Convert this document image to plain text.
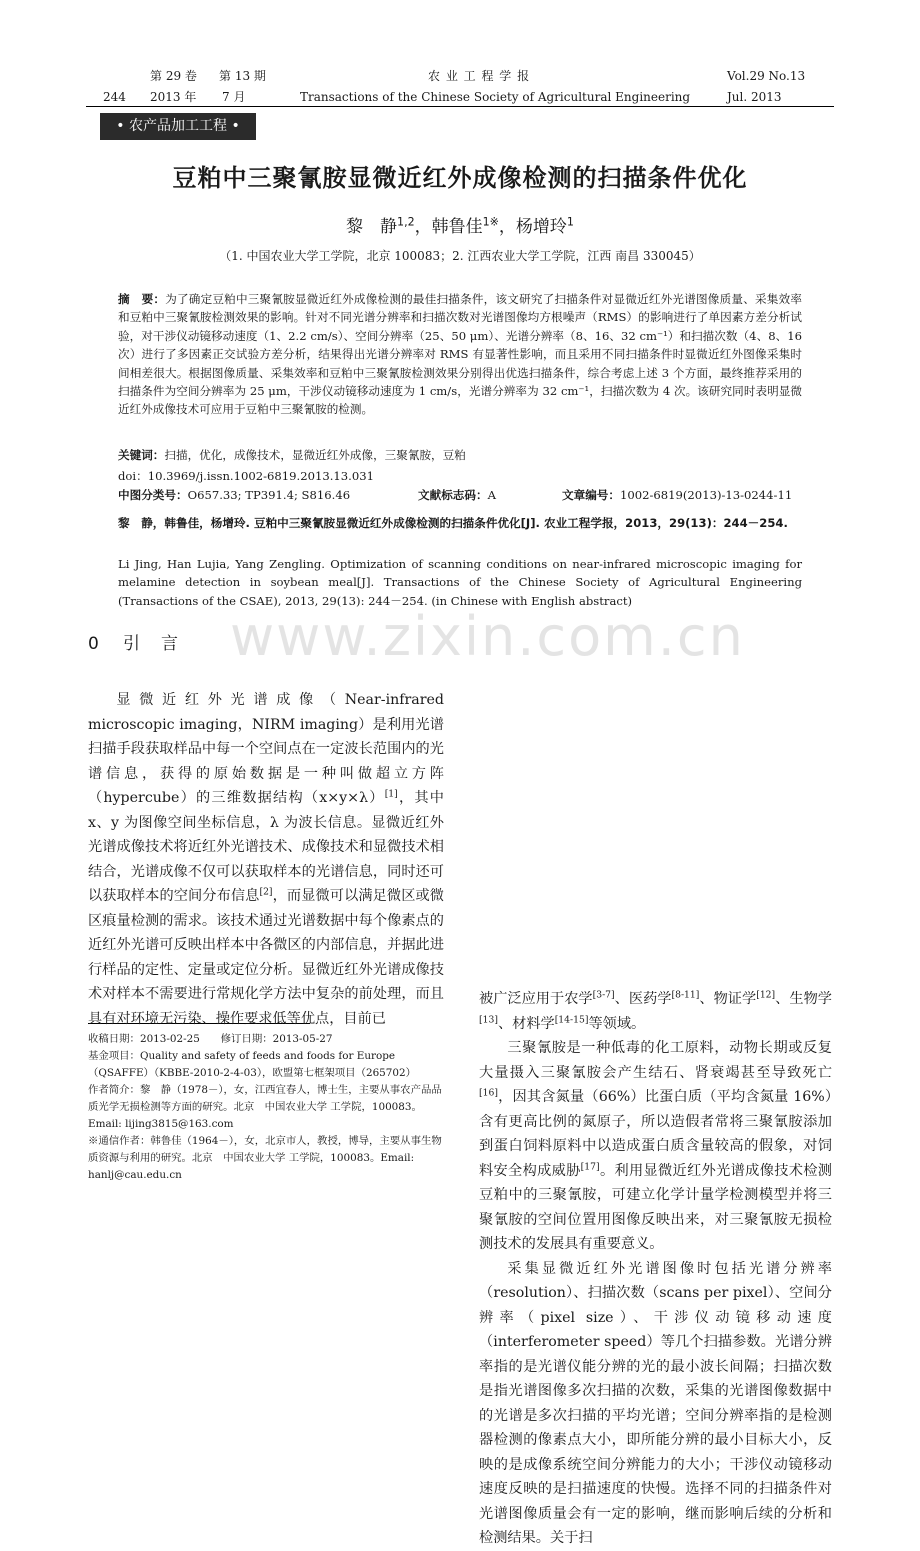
第 29 卷 第 13 期	农 业 工 程 学 报	Vol.29 No.13
244 2013 年 7 月	Transactions of the Chinese Society of Agricultural Engineering	Jul. 2013
• 农产品加工工程 •
豆粕中三聚氰胺显微近红外成像检测的扫描条件优化
黎　静$^{1,2}$，韩鲁佳$^{1※}$，杨增玲$^1$
（1. 中国农业大学工学院，北京 100083；2. 江西农业大学工学院，江西 南昌 330045）
摘　要：为了确定豆粕中三聚氰胺显微近红外成像检测的最佳扫描条件，该文研究了扫描条件对显微近红外光谱图像质量、采集效率和豆粕中三聚氰胺检测效果的影响。针对不同光谱分辨率和扫描次数对光谱图像均方根噪声（RMS）的影响进行了单因素方差分析试验，对干涉仪动镜移动速度（1、2.2 cm/s）、空间分辨率（25、50 μm）、光谱分辨率（8、16、32 cm⁻¹）和扫描次数（4、8、16 次）进行了多因素正交试验方差分析，结果得出光谱分辨率对 RMS 有显著性影响，而且采用不同扫描条件时显微近红外图像采集时间相差很大。根据图像质量、采集效率和豆粕中三聚氰胺检测效果分别得出优选扫描条件，综合考虑上述 3 个方面，最终推荐采用的扫描条件为空间分辨率为 25 μm，干涉仪动镜移动速度为 1 cm/s，光谱分辨率为 32 cm⁻¹，扫描次数为 4 次。该研究同时表明显微近红外成像技术可应用于豆粕中三聚氰胺的检测。
关键词：扫描，优化，成像技术，显微近红外成像，三聚氰胺，豆粕
doi：10.3969/j.issn.1002-6819.2013.13.031
中图分类号：O657.33; TP391.4; S816.46	文献标志码：A	文章编号：1002-6819(2013)-13-0244-11
黎　静，韩鲁佳，杨增玲. 豆粕中三聚氰胺显微近红外成像检测的扫描条件优化[J]. 农业工程学报，2013，29(13)：244－254.
Li Jing, Han Lujia, Yang Zengling. Optimization of scanning conditions on near-infrared microscopic imaging for melamine detection in soybean meal[J]. Transactions of the Chinese Society of Agricultural Engineering (Transactions of the CSAE), 2013, 29(13): 244－254. (in Chinese with English abstract)
www.zixin.com.cn
0 引　言

显微近红外光谱成像（Near-infrared microscopic imaging，NIRM imaging）是利用光谱扫描手段获取样品中每一个空间点在一定波长范围内的光谱信息，获得的原始数据是一种叫做超立方阵（hypercube）的三维数据结构（x×y×λ）[1]，其中 x、y 为图像空间坐标信息，λ 为波长信息。显微近红外光谱成像技术将近红外光谱技术、成像技术和显微技术相结合，光谱成像不仅可以获取样本的光谱信息，同时还可以获取样本的空间分布信息[2]，而显微可以满足微区或微区痕量检测的需求。该技术通过光谱数据中每个像素点的近红外光谱可反映出样本中各微区的内部信息，并据此进行样品的定性、定量或定位分析。显微近红外光谱成像技术对样本不需要进行常规化学方法中复杂的前处理，而且具有对环境无污染、操作要求低等优点，目前已

被广泛应用于农学[3-7]、医药学[8-11]、物证学[12]、生物学[13]、材料学[14-15]等领域。

三聚氰胺是一种低毒的化工原料，动物长期或反复大量摄入三聚氰胺会产生结石、肾衰竭甚至导致死亡[16]，因其含氮量（66%）比蛋白质（平均含氮量 16%）含有更高比例的氮原子，所以造假者常将三聚氰胺添加到蛋白饲料原料中以造成蛋白质含量较高的假象，对饲料安全构成威胁[17]。利用显微近红外光谱成像技术检测豆粕中的三聚氰胺，可建立化学计量学检测模型并将三聚氰胺的空间位置用图像反映出来，对三聚氰胺无损检测技术的发展具有重要意义。

采集显微近红外光谱图像时包括光谱分辨率（resolution）、扫描次数（scans per pixel）、空间分辨率（pixel size）、干涉仪动镜移动速度（interferometer speed）等几个扫描参数。光谱分辨率指的是光谱仪能分辨的光的最小波长间隔；扫描次数是指光谱图像多次扫描的次数，采集的光谱图像数据中的光谱是多次扫描的平均光谱；空间分辨率指的是检测器检测的像素点大小，即所能分辨的最小目标大小，反映的是成像系统空间分辨能力的大小；干涉仪动镜移动速度反映的是扫描速度的快慢。选择不同的扫描条件对光谱图像质量会有一定的影响，继而影响后续的分析和检测结果。关于扫

收稿日期：2013-02-25　　修订日期：2013-05-27

基金项目：Quality and safety of feeds and foods for Europe（QSAFFE）（KBBE-2010-2-4-03），欧盟第七框架项目（265702）

作者简介：黎　静（1978－），女，江西宜春人，博士生，主要从事农产品品质光学无损检测等方面的研究。北京　中国农业大学 工学院，100083。Email: lijing3815@163.com

※通信作者：韩鲁佳（1964－），女，北京市人，教授，博导，主要从事生物质资源与利用的研究。北京　中国农业大学 工学院，100083。Email: hanlj@cau.edu.cn
